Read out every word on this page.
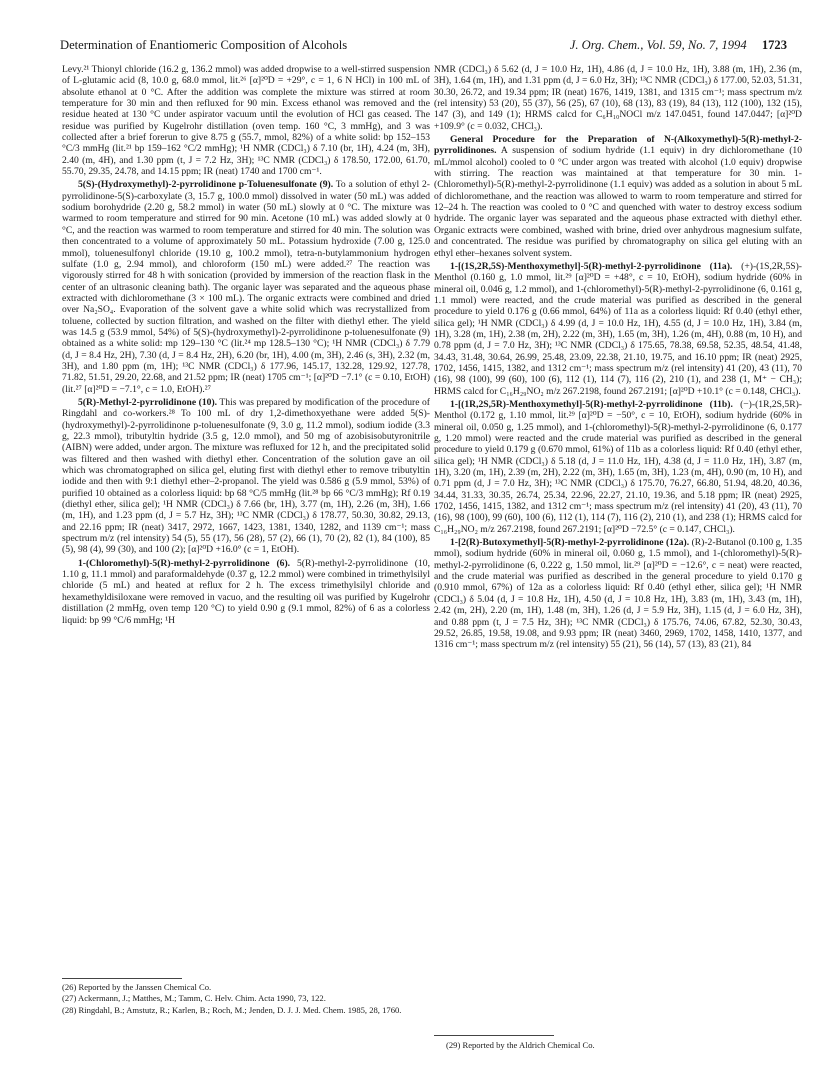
Determination of Enantiomeric Composition of Alcohols	J. Org. Chem., Vol. 59, No. 7, 1994 1723

Levy.²¹ Thionyl chloride (16.2 g, 136.2 mmol) was added dropwise to a well-stirred suspension of L-glutamic acid (8, 10.0 g, 68.0 mmol, lit.²⁶ [α]²⁰D = +29°, c = 1, 6 N HCl) in 100 mL of absolute ethanol at 0 °C. After the addition was complete the mixture was stirred at room temperature for 30 min and then refluxed for 90 min. Excess ethanol was removed and the residue heated at 130 °C under aspirator vacuum until the evolution of HCl gas ceased. The residue was purified by Kugelrohr distillation (oven temp. 160 °C, 3 mmHg), and 3 was collected after a brief forerun to give 8.75 g (55.7, mmol, 82%) of a white solid: bp 152–153 °C/3 mmHg (lit.²¹ bp 159–162 °C/2 mmHg); ¹H NMR (CDCl₃) δ 7.10 (br, 1H), 4.24 (m, 3H), 2.40 (m, 4H), and 1.30 ppm (t, J = 7.2 Hz, 3H); ¹³C NMR (CDCl₃) δ 178.50, 172.00, 61.70, 55.70, 29.35, 24.78, and 14.15 ppm; IR (neat) 1740 and 1700 cm⁻¹.

5(S)-(Hydroxymethyl)-2-pyrrolidinone p-Toluenesulfonate (9). To a solution of ethyl 2-pyrrolidinone-5(S)-carboxylate (3, 15.7 g, 100.0 mmol) dissolved in water (50 mL) was added sodium borohydride (2.20 g, 58.2 mmol) in water (50 mL) slowly at 0 °C. The mixture was warmed to room temperature and stirred for 90 min. Acetone (10 mL) was added slowly at 0 °C, and the reaction was warmed to room temperature and stirred for 40 min. The solution was then concentrated to a volume of approximately 50 mL. Potassium hydroxide (7.00 g, 125.0 mmol), toluenesulfonyl chloride (19.10 g, 100.2 mmol), tetra-n-butylammonium hydrogen sulfate (1.0 g, 2.94 mmol), and chloroform (150 mL) were added.²⁷ The reaction was vigorously stirred for 48 h with sonication (provided by immersion of the reaction flask in the center of an ultrasonic cleaning bath). The organic layer was separated and the aqueous phase extracted with dichloromethane (3 × 100 mL). The organic extracts were combined and dried over Na₂SO₄. Evaporation of the solvent gave a white solid which was recrystallized from toluene, collected by suction filtration, and washed on the filter with diethyl ether. The yield was 14.5 g (53.9 mmol, 54%) of 5(S)-(hydroxymethyl)-2-pyrrolidinone p-toluenesulfonate (9) obtained as a white solid: mp 129–130 °C (lit.²⁴ mp 128.5–130 °C); ¹H NMR (CDCl₃) δ 7.79 (d, J = 8.4 Hz, 2H), 7.30 (d, J = 8.4 Hz, 2H), 6.20 (br, 1H), 4.00 (m, 3H), 2.46 (s, 3H), 2.32 (m, 3H), and 1.80 ppm (m, 1H); ¹³C NMR (CDCl₃) δ 177.96, 145.17, 132.28, 129.92, 127.78, 71.82, 51.51, 29.20, 22.68, and 21.52 ppm; IR (neat) 1705 cm⁻¹; [α]²⁰D −7.1° (c = 0.10, EtOH) (lit.²⁷ [α]²⁰D = −7.1°, c = 1.0, EtOH).²⁷

5(R)-Methyl-2-pyrrolidinone (10). This was prepared by modification of the procedure of Ringdahl and co-workers.²⁸ To 100 mL of dry 1,2-dimethoxyethane were added 5(S)-(hydroxymethyl)-2-pyrrolidinone p-toluenesulfonate (9, 3.0 g, 11.2 mmol), sodium iodide (3.3 g, 22.3 mmol), tributyltin hydride (3.5 g, 12.0 mmol), and 50 mg of azobisisobutyronitrile (AIBN) were added, under argon. The mixture was refluxed for 12 h, and the precipitated solid was filtered and then washed with diethyl ether. Concentration of the solution gave an oil which was chromatographed on silica gel, eluting first with diethyl ether to remove tributyltin iodide and then with 9:1 diethyl ether–2-propanol. The yield was 0.586 g (5.9 mmol, 53%) of purified 10 obtained as a colorless liquid: bp 68 °C/5 mmHg (lit.²⁸ bp 66 °C/3 mmHg); Rf 0.19 (diethyl ether, silica gel); ¹H NMR (CDCl₃) δ 7.66 (br, 1H), 3.77 (m, 1H), 2.26 (m, 3H), 1.66 (m, 1H), and 1.23 ppm (d, J = 5.7 Hz, 3H); ¹³C NMR (CDCl₃) δ 178.77, 50.30, 30.82, 29.13, and 22.16 ppm; IR (neat) 3417, 2972, 1667, 1423, 1381, 1340, 1282, and 1139 cm⁻¹; mass spectrum m/z (rel intensity) 54 (5), 55 (17), 56 (28), 57 (2), 66 (1), 70 (2), 82 (1), 84 (100), 85 (5), 98 (4), 99 (30), and 100 (2); [α]²⁰D +16.0° (c = 1, EtOH).

1-(Chloromethyl)-5(R)-methyl-2-pyrrolidinone (6). 5(R)-methyl-2-pyrrolidinone (10, 1.10 g, 11.1 mmol) and paraformaldehyde (0.37 g, 12.2 mmol) were combined in trimethylsilyl chloride (5 mL) and heated at reflux for 2 h. The excess trimethylsilyl chloride and hexamethyldisiloxane were removed in vacuo, and the resulting oil was purified by Kugelrohr distillation (2 mmHg, oven temp 120 °C) to yield 0.90 g (9.1 mmol, 82%) of 6 as a colorless liquid: bp 99 °C/6 mmHg; ¹H

NMR (CDCl₃) δ 5.62 (d, J = 10.0 Hz, 1H), 4.86 (d, J = 10.0 Hz, 1H), 3.88 (m, 1H), 2.36 (m, 3H), 1.64 (m, 1H), and 1.31 ppm (d, J = 6.0 Hz, 3H); ¹³C NMR (CDCl₃) δ 177.00, 52.03, 51.31, 30.30, 26.72, and 19.34 ppm; IR (neat) 1676, 1419, 1381, and 1315 cm⁻¹; mass spectrum m/z (rel intensity) 53 (20), 55 (37), 56 (25), 67 (10), 68 (13), 83 (19), 84 (13), 112 (100), 132 (15), 147 (3), and 149 (1); HRMS calcd for C₆H₁₀NOCl m/z 147.0451, found 147.0447; [α]²⁰D +109.9° (c = 0.032, CHCl₃).

General Procedure for the Preparation of N-(Alkoxymethyl)-5(R)-methyl-2-pyrrolidinones. A suspension of sodium hydride (1.1 equiv) in dry dichloromethane (10 mL/mmol alcohol) cooled to 0 °C under argon was treated with alcohol (1.0 equiv) dropwise with stirring. The reaction was maintained at that temperature for 30 min. 1-(Chloromethyl)-5(R)-methyl-2-pyrrolidinone (1.1 equiv) was added as a solution in about 5 mL of dichloromethane, and the reaction was allowed to warm to room temperature and stirred for 12–24 h. The reaction was cooled to 0 °C and quenched with water to destroy excess sodium hydride. The organic layer was separated and the aqueous phase extracted with diethyl ether. Organic extracts were combined, washed with brine, dried over anhydrous magnesium sulfate, and concentrated. The residue was purified by chromatography on silica gel eluting with an ethyl ether–hexanes solvent system.

1-[(1S,2R,5S)-Menthoxymethyl]-5(R)-methyl-2-pyrrolidinone (11a). (+)-(1S,2R,5S)-Menthol (0.160 g, 1.0 mmol, lit.²⁹ [α]²⁰D = +48°, c = 10, EtOH), sodium hydride (60% in mineral oil, 0.046 g, 1.2 mmol), and 1-(chloromethyl)-5(R)-methyl-2-pyrrolidinone (6, 0.161 g, 1.1 mmol) were reacted, and the crude material was purified as described in the general procedure to yield 0.176 g (0.66 mmol, 64%) of 11a as a colorless liquid: Rf 0.40 (ethyl ether, silica gel); ¹H NMR (CDCl₃) δ 4.99 (d, J = 10.0 Hz, 1H), 4.55 (d, J = 10.0 Hz, 1H), 3.84 (m, 1H), 3.28 (m, 1H), 2.38 (m, 2H), 2.22 (m, 3H), 1.65 (m, 3H), 1.26 (m, 4H), 0.88 (m, 10 H), and 0.78 ppm (d, J = 7.0 Hz, 3H); ¹³C NMR (CDCl₃) δ 175.65, 78.38, 69.58, 52.35, 48.54, 41.48, 34.43, 31.48, 30.64, 26.99, 25.48, 23.09, 22.38, 21.10, 19.75, and 16.10 ppm; IR (neat) 2925, 1702, 1456, 1415, 1382, and 1312 cm⁻¹; mass spectrum m/z (rel intensity) 41 (20), 43 (11), 70 (16), 98 (100), 99 (60), 100 (6), 112 (1), 114 (7), 116 (2), 210 (1), and 238 (1, M⁺ − CH₃); HRMS calcd for C₁₆H₂₉NO₂ m/z 267.2198, found 267.2191; [α]²⁰D +10.1° (c = 0.148, CHCl₃).

1-[(1R,2S,5R)-Menthoxymethyl]-5(R)-methyl-2-pyrrolidinone (11b). (−)-(1R,2S,5R)-Menthol (0.172 g, 1.10 mmol, lit.²⁹ [α]²⁰D = −50°, c = 10, EtOH), sodium hydride (60% in mineral oil, 0.050 g, 1.25 mmol), and 1-(chloromethyl)-5(R)-methyl-2-pyrrolidinone (6, 0.177 g, 1.20 mmol) were reacted and the crude material was purified as described in the general procedure to yield 0.179 g (0.670 mmol, 61%) of 11b as a colorless liquid: Rf 0.40 (ethyl ether, silica gel); ¹H NMR (CDCl₃) δ 5.18 (d, J = 11.0 Hz, 1H), 4.38 (d, J = 11.0 Hz, 1H), 3.87 (m, 1H), 3.20 (m, 1H), 2.39 (m, 2H), 2.22 (m, 3H), 1.65 (m, 3H), 1.23 (m, 4H), 0.90 (m, 10 H), and 0.71 ppm (d, J = 7.0 Hz, 3H); ¹³C NMR (CDCl₃) δ 175.70, 76.27, 66.80, 51.94, 48.20, 40.36, 34.44, 31.33, 30.35, 26.74, 25.34, 22.96, 22.27, 21.10, 19.36, and 5.18 ppm; IR (neat) 2925, 1702, 1456, 1415, 1382, and 1312 cm⁻¹; mass spectrum m/z (rel intensity) 41 (20), 43 (11), 70 (16), 98 (100), 99 (60), 100 (6), 112 (1), 114 (7), 116 (2), 210 (1), and 238 (1); HRMS calcd for C₁₆H₂₉NO₂ m/z 267.2198, found 267.2191; [α]²⁰D −72.5° (c = 0.147, CHCl₃).

1-[2(R)-Butoxymethyl]-5(R)-methyl-2-pyrrolidinone (12a). (R)-2-Butanol (0.100 g, 1.35 mmol), sodium hydride (60% in mineral oil, 0.060 g, 1.5 mmol), and 1-(chloromethyl)-5(R)-methyl-2-pyrrolidinone (6, 0.222 g, 1.50 mmol, lit.²⁹ [α]²⁰D = −12.6°, c = neat) were reacted, and the crude material was purified as described in the general procedure to yield 0.170 g (0.910 mmol, 67%) of 12a as a colorless liquid: Rf 0.40 (ethyl ether, silica gel); ¹H NMR (CDCl₃) δ 5.04 (d, J = 10.8 Hz, 1H), 4.50 (d, J = 10.8 Hz, 1H), 3.83 (m, 1H), 3.43 (m, 1H), 2.42 (m, 2H), 2.20 (m, 1H), 1.48 (m, 3H), 1.26 (d, J = 5.9 Hz, 3H), 1.15 (d, J = 6.0 Hz, 3H), and 0.88 ppm (t, J = 7.5 Hz, 3H); ¹³C NMR (CDCl₃) δ 175.76, 74.06, 67.82, 52.30, 30.43, 29.52, 26.85, 19.58, 19.08, and 9.93 ppm; IR (neat) 3460, 2969, 1702, 1458, 1410, 1377, and 1316 cm⁻¹; mass spectrum m/z (rel intensity) 55 (21), 56 (14), 57 (13), 83 (21), 84

(26) Reported by the Janssen Chemical Co.

(27) Ackermann, J.; Matthes, M.; Tamm, C. Helv. Chim. Acta 1990, 73, 122.

(28) Ringdahl, B.; Amstutz, R.; Karlen, B.; Roch, M.; Jenden, D. J. J. Med. Chem. 1985, 28, 1760.

(29) Reported by the Aldrich Chemical Co.
